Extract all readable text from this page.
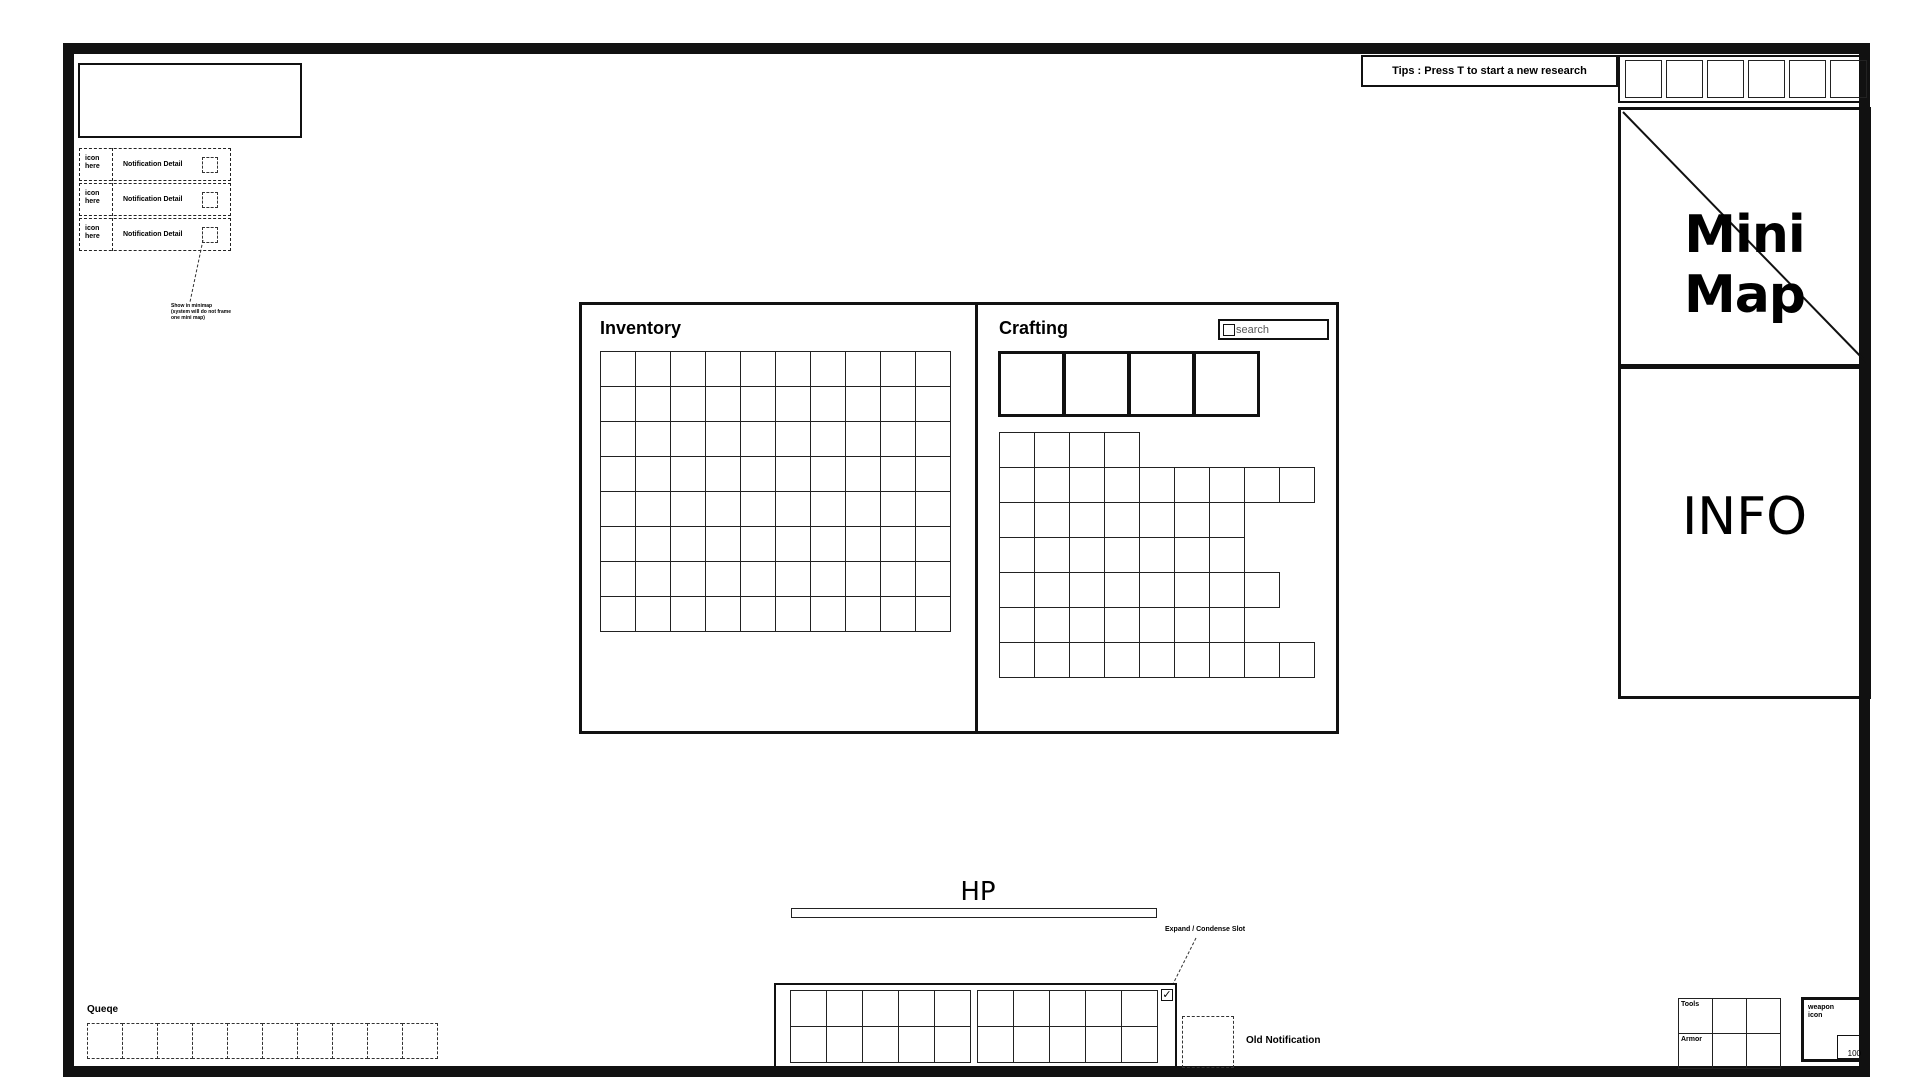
icon here	Notification Detail
icon here	Notification Detail
icon here	Notification Detail
Show in minimap (system will do not frame one mini map)
Tips : Press T to start a new research
Mini Map
INFO
Inventory	Crafting	search
HP
Expand / Condense Slot
✓
Old Notification
Queqe	Tools
Armor
weapon icon
100
